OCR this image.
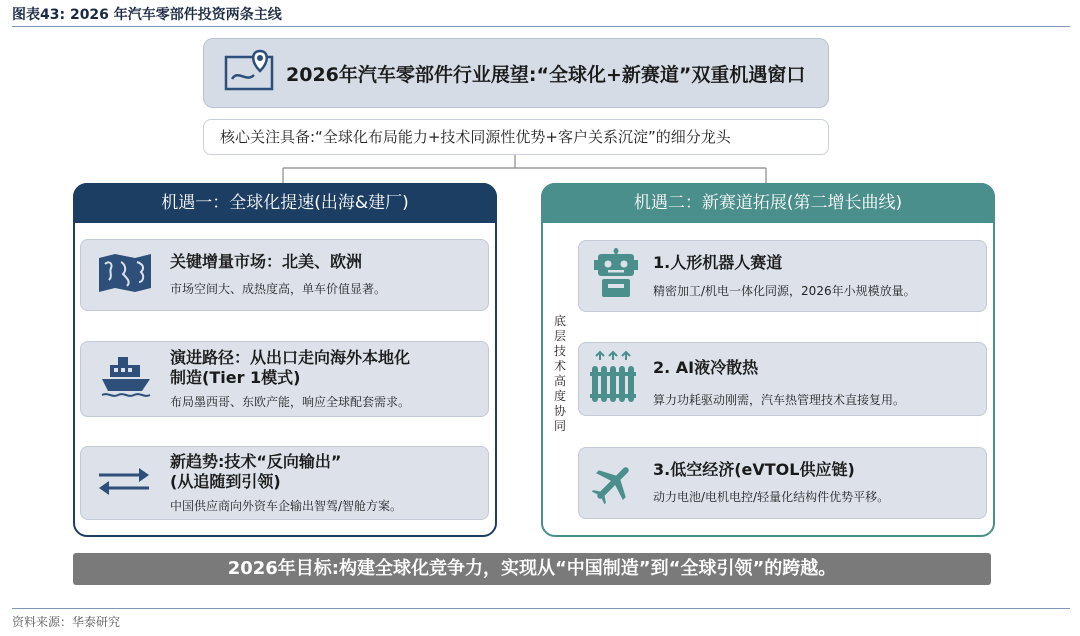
图表43: 2026 年汽车零部件投资两条主线
2026年汽车零部件行业展望:“全球化+新赛道”双重机遇窗口
核心关注具备:“全球化布局能力+技术同源性优势+客户关系沉淀”的细分龙头
机遇一：全球化提速(出海&建厂)
关键增量市场：北美、欧洲
市场空间大、成热度高，单车价值显著。
演进路径：从出口走向海外本地化
制造(Tier 1模式)
布局墨西哥、东欧产能，响应全球配套需求。
新趋势:技术“反向输出”
(从追随到引领)
中国供应商向外资车企输出智驾/智舱方案。
机遇二：新赛道拓展(第二增长曲线)
底层技术高度协同
1.人形机器人赛道
精密加工/机电一体化同源，2026年小规模放量。
2. AI液冷散热
算力功耗驱动刚需，汽车热管理技术直接复用。
3.低空经济(eVTOL供应链)
动力电池/电机电控/轻量化结构件优势平移。
2026年目标:构建全球化竞争力，实现从“中国制造”到“全球引领”的跨越。
资料来源：华泰研究
